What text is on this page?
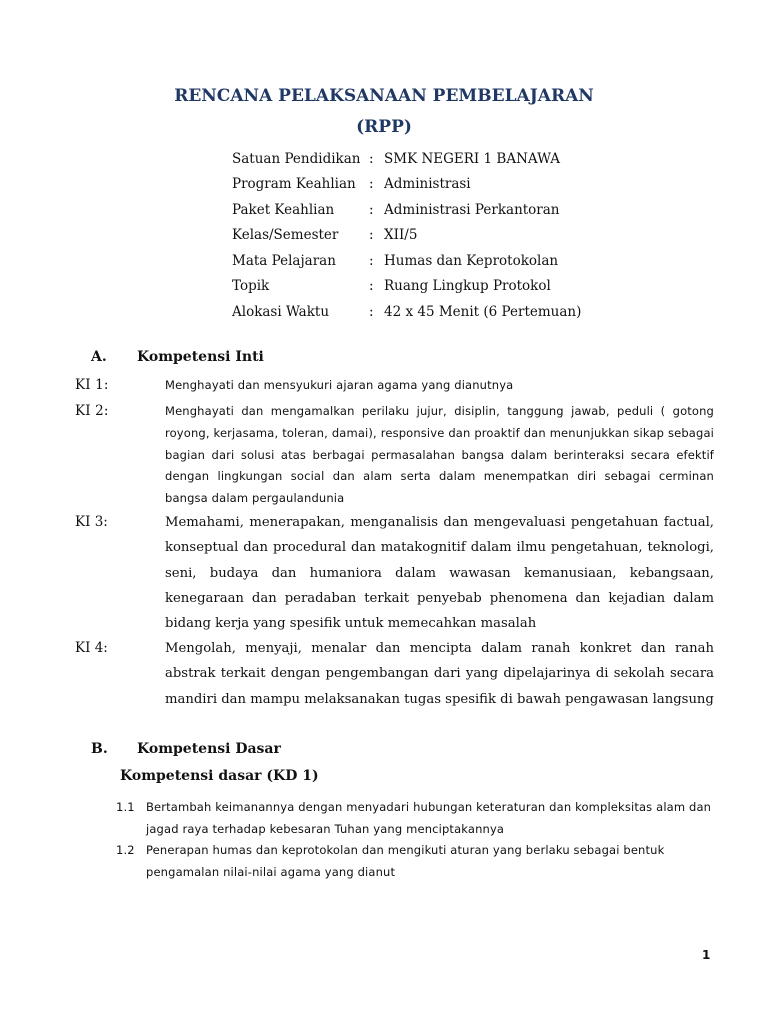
RENCANA PELAKSANAAN PEMBELAJARAN
(RPP)
Satuan Pendidikan : SMK NEGERI 1 BANAWA
Program Keahlian : Administrasi
Paket Keahlian	: Administrasi Perkantoran
Kelas/Semester	: XII/5
Mata Pelajaran	: Humas dan Keprotokolan
Topik	: Ruang Lingkup Protokol
Alokasi Waktu	: 42 x 45 Menit (6 Pertemuan)
A. Kompetensi Inti

KI 1:	Menghayati dan mensyukuri ajaran agama yang dianutnya

KI 2:	Menghayati dan mengamalkan perilaku jujur, disiplin, tanggung jawab, peduli ( gotong royong, kerjasama, toleran, damai), responsive dan proaktif dan menunjukkan sikap sebagai bagian dari solusi atas berbagai permasalahan bangsa dalam berinteraksi secara efektif dengan lingkungan social dan alam serta dalam menempatkan diri sebagai cerminan bangsa dalam pergaulandunia

KI 3:	Memahami, menerapakan, menganalisis dan mengevaluasi pengetahuan factual, konseptual dan procedural dan matakognitif dalam ilmu pengetahuan, teknologi, seni, budaya dan humaniora dalam wawasan kemanusiaan, kebangsaan, kenegaraan dan peradaban terkait penyebab phenomena dan kejadian dalam bidang kerja yang spesifik untuk memecahkan masalah

KI 4:	Mengolah, menyaji, menalar dan mencipta dalam ranah konkret dan ranah abstrak terkait dengan pengembangan dari yang dipelajarinya di sekolah secara mandiri dan mampu melaksanakan tugas spesifik di bawah pengawasan langsung

B. Kompetensi Dasar
Kompetensi dasar (KD 1)

1.1 Bertambah keimanannya dengan menyadari hubungan keteraturan dan kompleksitas alam dan jagad raya terhadap kebesaran Tuhan yang menciptakannya

1.2 Penerapan humas dan keprotokolan dan mengikuti aturan yang berlaku sebagai bentuk pengamalan nilai-nilai agama yang dianut

1
